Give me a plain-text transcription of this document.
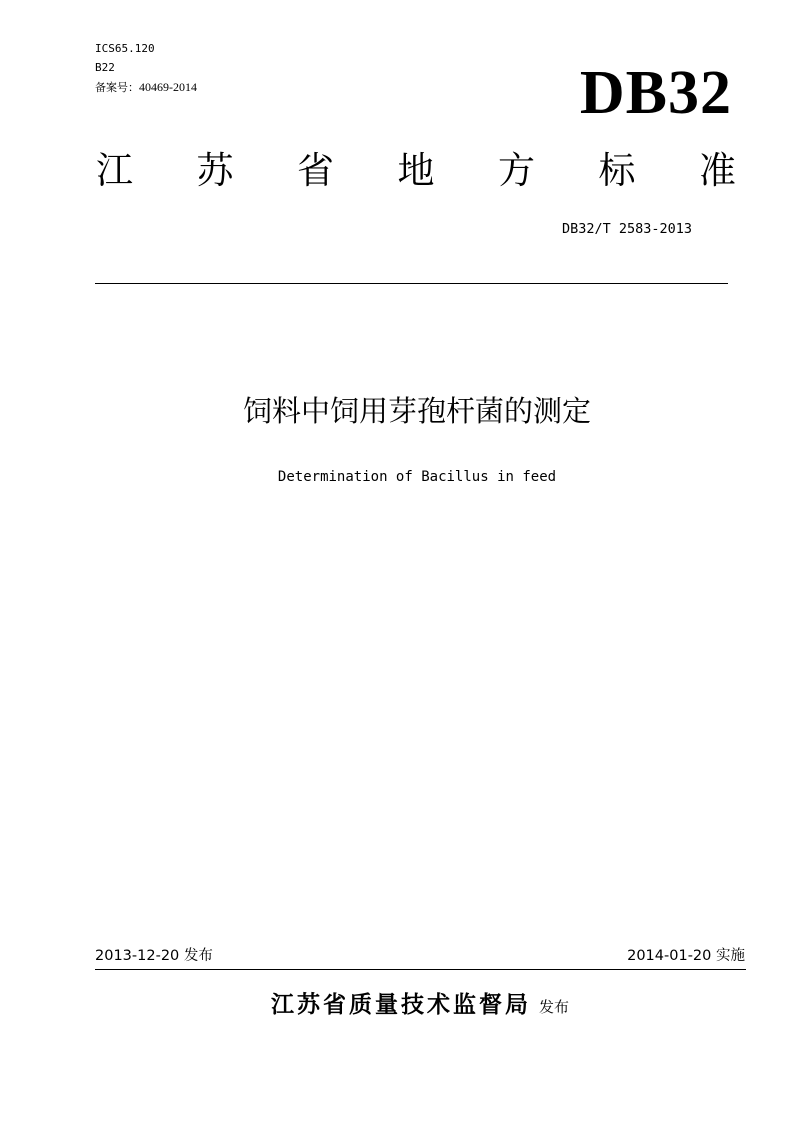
ICS65.120
B22
备案号：40469-2014	DB32
江 苏 省 地 方 标 准
DB32/T 2583-2013
饲料中饲用芽孢杆菌的测定
Determination of Bacillus in feed
2013-12-20 发布	2014-01-20 实施
江苏省质量技术监督局 发布
